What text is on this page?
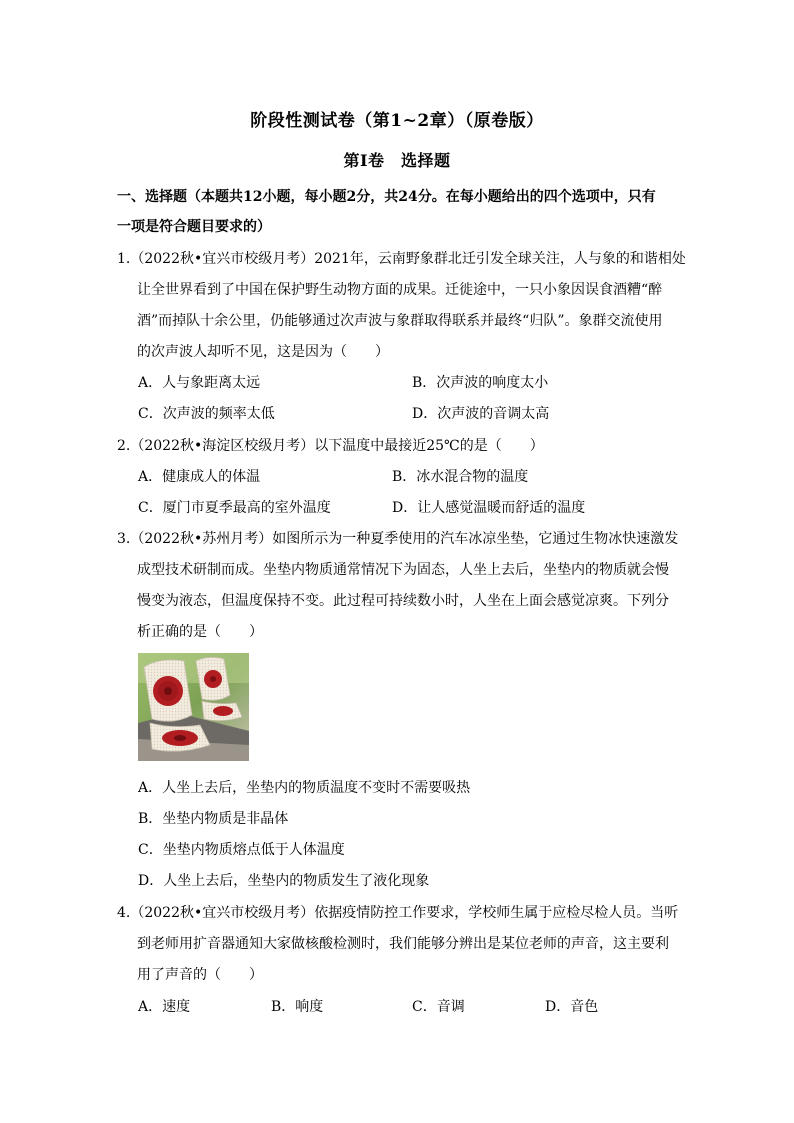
阶段性测试卷（第1~2章）（原卷版）
第Ⅰ卷　选择题
一、选择题（本题共12小题，每小题2分，共24分。在每小题给出的四个选项中，只有
一项是符合题目要求的）
1.（2022秋•宜兴市校级月考）2021年，云南野象群北迁引发全球关注，人与象的和谐相处
让全世界看到了中国在保护野生动物方面的成果。迁徙途中，一只小象因误食酒糟“醉
酒”而掉队十余公里，仍能够通过次声波与象群取得联系并最终“归队”。象群交流使用
的次声波人却听不见，这是因为（　　）
A．人与象距离太远	B．次声波的响度太小
C．次声波的频率太低	D．次声波的音调太高
2.（2022秋•海淀区校级月考）以下温度中最接近25℃的是（　　）
A．健康成人的体温	B．冰水混合物的温度
C．厦门市夏季最高的室外温度	D．让人感觉温暖而舒适的温度
3.（2022秋•苏州月考）如图所示为一种夏季使用的汽车冰凉坐垫，它通过生物冰快速激发
成型技术研制而成。坐垫内物质通常情况下为固态，人坐上去后，坐垫内的物质就会慢
慢变为液态，但温度保持不变。此过程可持续数小时，人坐在上面会感觉凉爽。下列分
析正确的是（　　）
A．人坐上去后，坐垫内的物质温度不变时不需要吸热
B．坐垫内物质是非晶体
C．坐垫内物质熔点低于人体温度
D．人坐上去后，坐垫内的物质发生了液化现象
4.（2022秋•宜兴市校级月考）依据疫情防控工作要求，学校师生属于应检尽检人员。当听
到老师用扩音器通知大家做核酸检测时，我们能够分辨出是某位老师的声音，这主要利
用了声音的（　　）
A．速度	B．响度	C．音调	D．音色
